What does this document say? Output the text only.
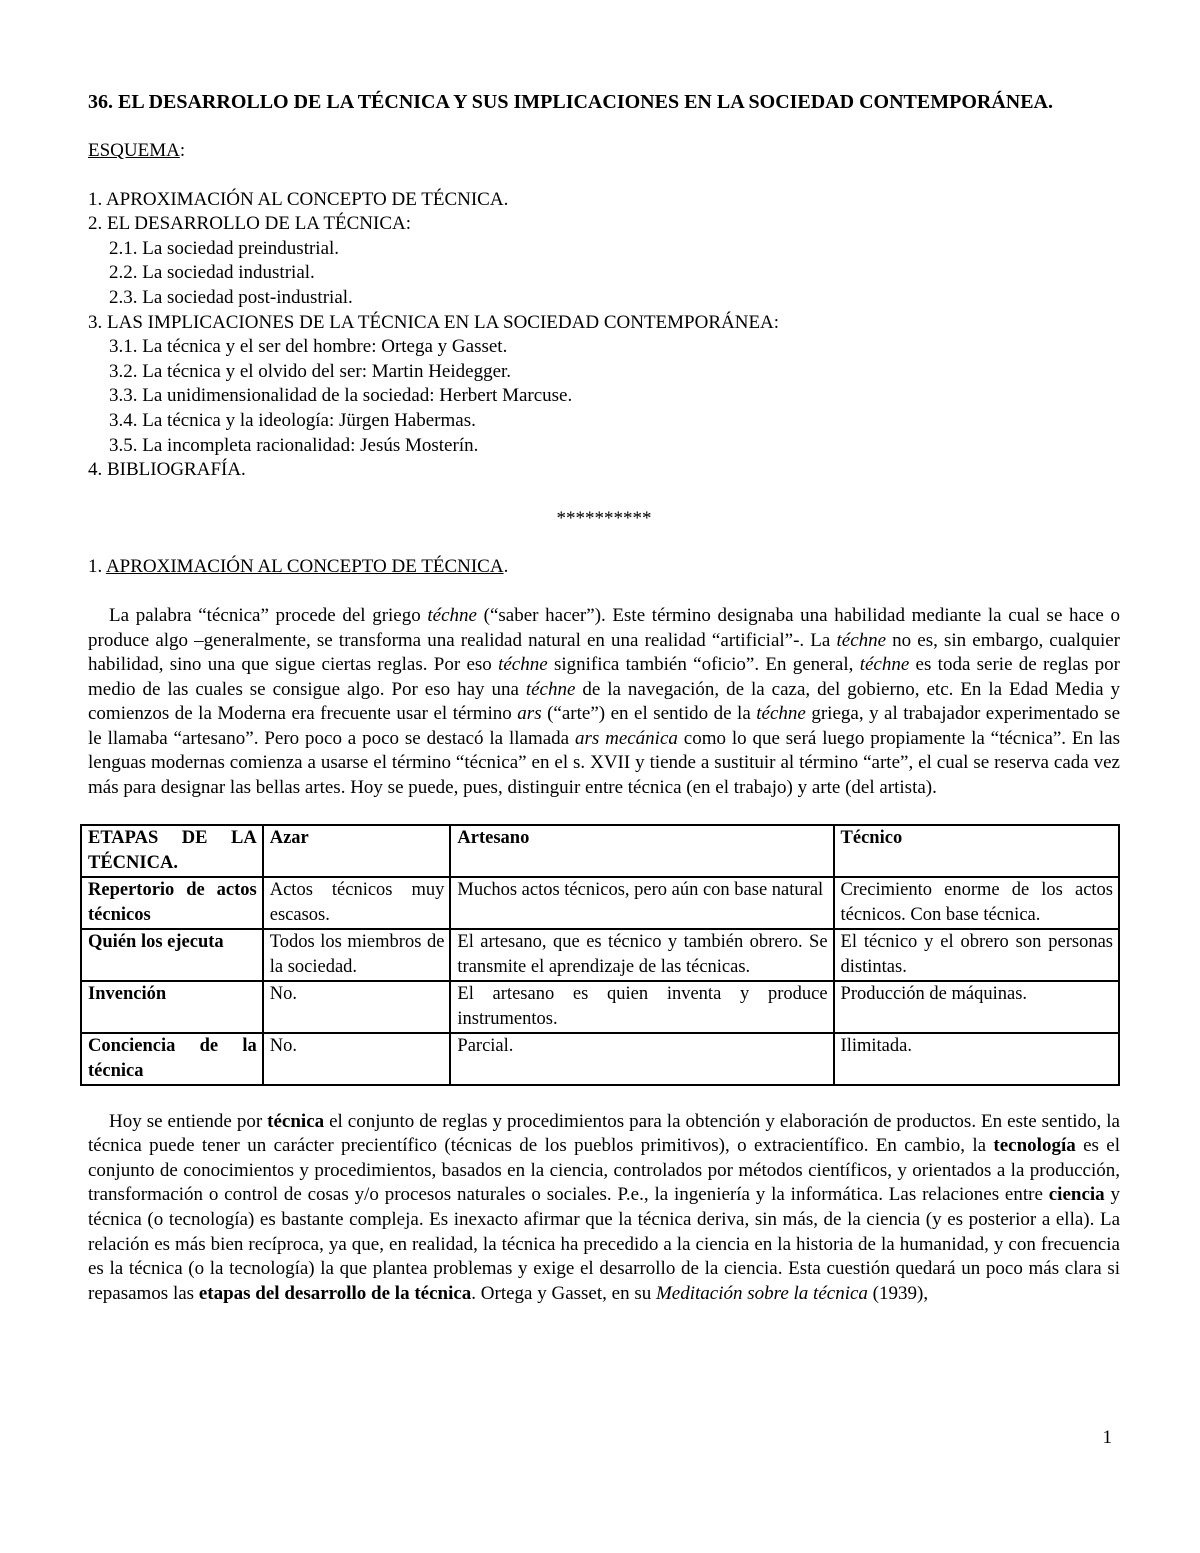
36. EL DESARROLLO DE LA TÉCNICA Y SUS IMPLICACIONES EN LA SOCIEDAD CONTEMPORÁNEA.

ESQUEMA:

1. APROXIMACIÓN AL CONCEPTO DE TÉCNICA.

2. EL DESARROLLO DE LA TÉCNICA:

2.1. La sociedad preindustrial.

2.2. La sociedad industrial.

2.3. La sociedad post-industrial.

3. LAS IMPLICACIONES DE LA TÉCNICA EN LA SOCIEDAD CONTEMPORÁNEA:

3.1. La técnica y el ser del hombre: Ortega y Gasset.

3.2. La técnica y el olvido del ser: Martin Heidegger.

3.3. La unidimensionalidad de la sociedad: Herbert Marcuse.

3.4. La técnica y la ideología: Jürgen Habermas.

3.5. La incompleta racionalidad: Jesús Mosterín.

4. BIBLIOGRAFÍA.

**********

1. APROXIMACIÓN AL CONCEPTO DE TÉCNICA.

La palabra “técnica” procede del griego téchne (“saber hacer”). Este término designaba una habilidad mediante la cual se hace o produce algo –generalmente, se transforma una realidad natural en una realidad “artificial”-. La téchne no es, sin embargo, cualquier habilidad, sino una que sigue ciertas reglas. Por eso téchne significa también “oficio”. En general, téchne es toda serie de reglas por medio de las cuales se consigue algo. Por eso hay una téchne de la navegación, de la caza, del gobierno, etc. En la Edad Media y comienzos de la Moderna era frecuente usar el término ars (“arte”) en el sentido de la téchne griega, y al trabajador experimentado se le llamaba “artesano”. Pero poco a poco se destacó la llamada ars mecánica como lo que será luego propiamente la “técnica”. En las lenguas modernas comienza a usarse el término “técnica” en el s. XVII y tiende a sustituir al término “arte”, el cual se reserva cada vez más para designar las bellas artes. Hoy se puede, pues, distinguir entre técnica (en el trabajo) y arte (del artista).

ETAPAS DE LA TÉCNICA.	Azar	Artesano	Técnico
Repertorio de actos técnicos	Actos técnicos muy escasos.	Muchos actos técnicos, pero aún con base natural	Crecimiento enorme de los actos técnicos. Con base técnica.
Quién los ejecuta	Todos los miembros de la sociedad.	El artesano, que es técnico y también obrero. Se transmite el aprendizaje de las técnicas.	El técnico y el obrero son personas distintas.
Invención	No.	El artesano es quien inventa y produce instrumentos.	Producción de máquinas.
Conciencia de la técnica	No.	Parcial.	Ilimitada.

Hoy se entiende por técnica el conjunto de reglas y procedimientos para la obtención y elaboración de productos. En este sentido, la técnica puede tener un carácter precientífico (técnicas de los pueblos primitivos), o extracientífico. En cambio, la tecnología es el conjunto de conocimientos y procedimientos, basados en la ciencia, controlados por métodos científicos, y orientados a la producción, transformación o control de cosas y/o procesos naturales o sociales. P.e., la ingeniería y la informática. Las relaciones entre ciencia y técnica (o tecnología) es bastante compleja. Es inexacto afirmar que la técnica deriva, sin más, de la ciencia (y es posterior a ella). La relación es más bien recíproca, ya que, en realidad, la técnica ha precedido a la ciencia en la historia de la humanidad, y con frecuencia es la técnica (o la tecnología) la que plantea problemas y exige el desarrollo de la ciencia. Esta cuestión quedará un poco más clara si repasamos las etapas del desarrollo de la técnica. Ortega y Gasset, en su Meditación sobre la técnica (1939),

1
